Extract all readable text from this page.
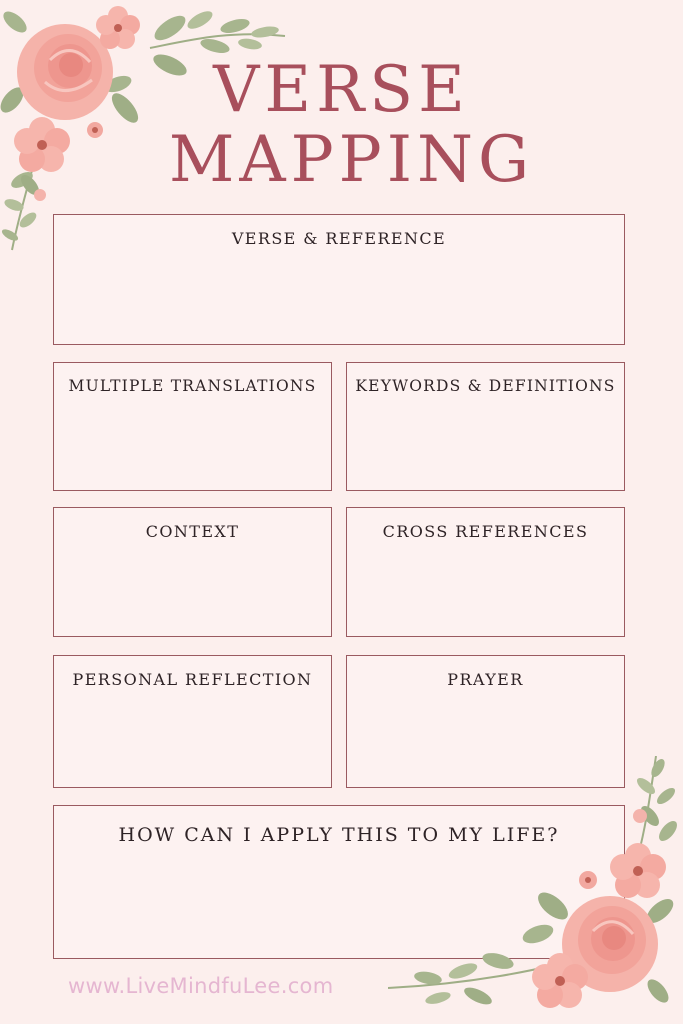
VERSE
MAPPING

VERSE & REFERENCE

MULTIPLE TRANSLATIONS	KEYWORDS & DEFINITIONS

CONTEXT	CROSS REFERENCES

PERSONAL REFLECTION	PRAYER

HOW CAN I APPLY THIS TO MY LIFE?

www.LiveMindfuLee.com
